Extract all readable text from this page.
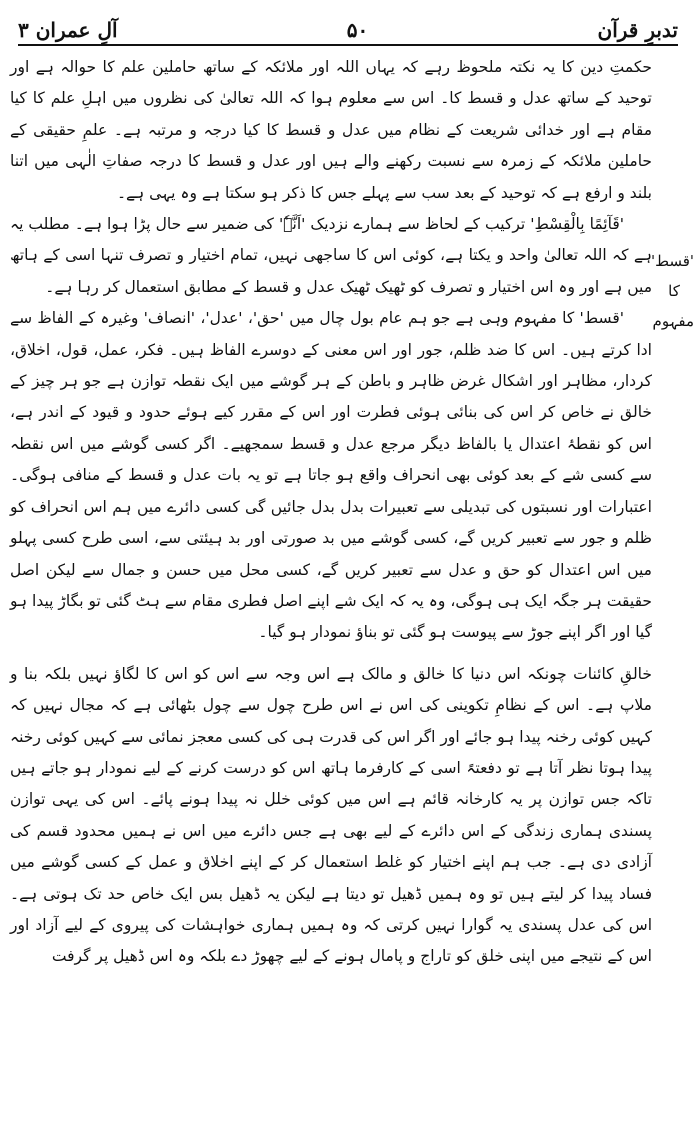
تدبرِ قرآن
۵۰
آلِ عمران ۳
'قسط' کا
مفہوم

حکمتِ دین کا یہ نکتہ ملحوظ رہے کہ یہاں اللہ اور ملائکہ کے ساتھ حاملین علم کا حوالہ ہے اور توحید کے ساتھ عدل و قسط کا۔ اس سے معلوم ہوا کہ اللہ تعالیٰ کی نظروں میں اہلِ علم کا کیا مقام ہے اور خدائی شریعت کے نظام میں عدل و قسط کا کیا درجہ و مرتبہ ہے۔ علمِ حقیقی کے حاملین ملائکہ کے زمرہ سے نسبت رکھنے والے ہیں اور عدل و قسط کا درجہ صفاتِ الٰہی میں اتنا بلند و ارفع ہے کہ توحید کے بعد سب سے پہلے جس کا ذکر ہو سکتا ہے وہ یہی ہے۔

'قَآئِمًا بِالْقِسْطِ' ترکیب کے لحاظ سے ہمارے نزدیک 'اَنَّہٗ' کی ضمیر سے حال پڑا ہوا ہے۔ مطلب یہ ہے کہ اللہ تعالیٰ واحد و یکتا ہے، کوئی اس کا ساجھی نہیں، تمام اختیار و تصرف تنہا اسی کے ہاتھ میں ہے اور وہ اس اختیار و تصرف کو ٹھیک ٹھیک عدل و قسط کے مطابق استعمال کر رہا ہے۔

'قسط' کا مفہوم وہی ہے جو ہم عام بول چال میں 'حق'، 'عدل'، 'انصاف' وغیرہ کے الفاظ سے ادا کرتے ہیں۔ اس کا ضد ظلم، جور اور اس معنی کے دوسرے الفاظ ہیں۔ فکر، عمل، قول، اخلاق، کردار، مظاہر اور اشکال غرض ظاہر و باطن کے ہر گوشے میں ایک نقطہ توازن ہے جو ہر چیز کے خالق نے خاص کر اس کی بنائی ہوئی فطرت اور اس کے مقرر کیے ہوئے حدود و قیود کے اندر ہے، اس کو نقطۂ اعتدال یا بالفاظ دیگر مرجع عدل و قسط سمجھیے۔ اگر کسی گوشے میں اس نقطہ سے کسی شے کے بعد کوئی بھی انحراف واقع ہو جاتا ہے تو یہ بات عدل و قسط کے منافی ہوگی۔ اعتبارات اور نسبتوں کی تبدیلی سے تعبیرات بدل بدل جائیں گی کسی دائرے میں ہم اس انحراف کو ظلم و جور سے تعبیر کریں گے، کسی گوشے میں بد صورتی اور بد ہیئتی سے، اسی طرح کسی پہلو میں اس اعتدال کو حق و عدل سے تعبیر کریں گے، کسی محل میں حسن و جمال سے لیکن اصل حقیقت ہر جگہ ایک ہی ہوگی، وہ یہ کہ ایک شے اپنے اصل فطری مقام سے ہٹ گئی تو بگاڑ پیدا ہو گیا اور اگر اپنے جوڑ سے پیوست ہو گئی تو بناؤ نمودار ہو گیا۔

خالقِ کائنات چونکہ اس دنیا کا خالق و مالک ہے اس وجہ سے اس کو اس کا لگاؤ نہیں بلکہ بنا و ملاپ ہے۔ اس کے نظامِ تکوینی کی اس نے اس طرح چول سے چول بٹھائی ہے کہ مجال نہیں کہ کہیں کوئی رخنہ پیدا ہو جائے اور اگر اس کی قدرت ہی کی کسی معجز نمائی سے کہیں کوئی رخنہ پیدا ہوتا نظر آتا ہے تو دفعتہً اسی کے کارفرما ہاتھ اس کو درست کرنے کے لیے نمودار ہو جاتے ہیں تاکہ جس توازن پر یہ کارخانہ قائم ہے اس میں کوئی خلل نہ پیدا ہونے پائے۔ اس کی یہی توازن پسندی ہماری زندگی کے اس دائرے کے لیے بھی ہے جس دائرے میں اس نے ہمیں محدود قسم کی آزادی دی ہے۔ جب ہم اپنے اختیار کو غلط استعمال کر کے اپنے اخلاق و عمل کے کسی گوشے میں فساد پیدا کر لیتے ہیں تو وہ ہمیں ڈھیل تو دیتا ہے لیکن یہ ڈھیل بس ایک خاص حد تک ہوتی ہے۔ اس کی عدل پسندی یہ گوارا نہیں کرتی کہ وہ ہمیں ہماری خواہشات کی پیروی کے لیے آزاد اور اس کے نتیجے میں اپنی خلق کو تاراج و پامال ہونے کے لیے چھوڑ دے بلکہ وہ اس ڈھیل پر گرفت
